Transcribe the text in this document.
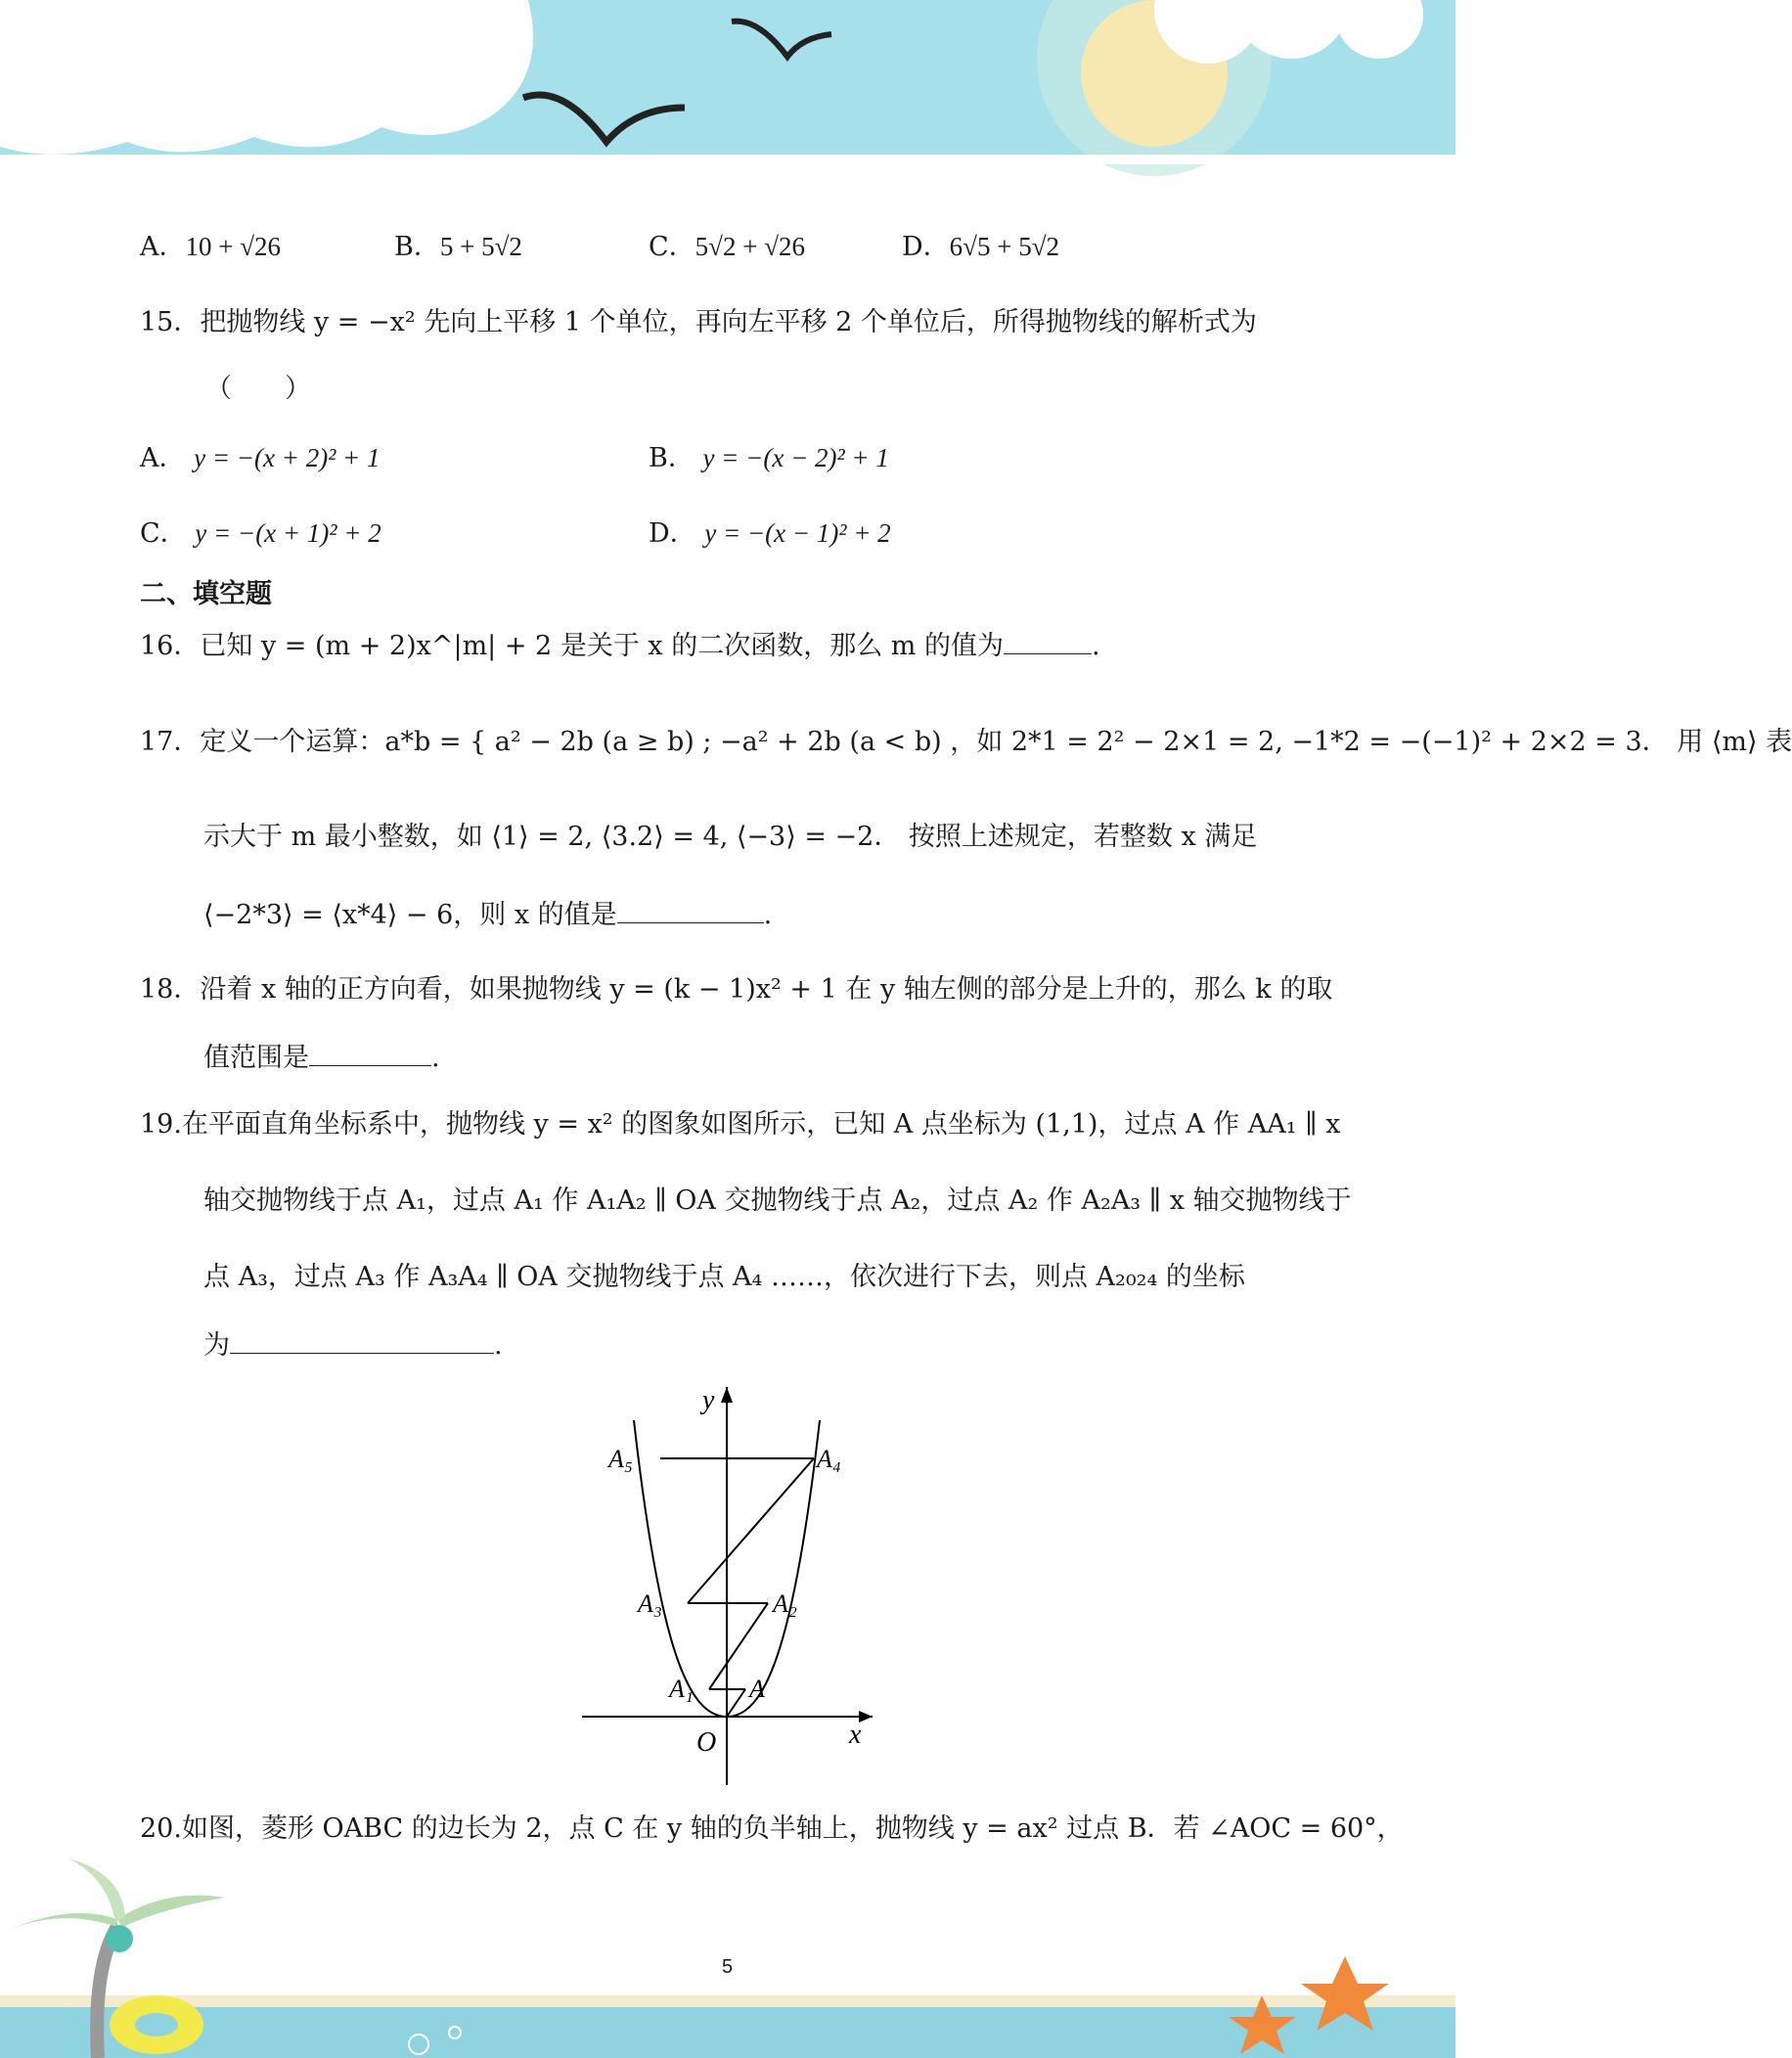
A．10 + √26	B．5 + 5√2	C．5√2 + √26	D．6√5 + 5√2
15．把抛物线 y = −x² 先向上平移 1 个单位，再向左平移 2 个单位后，所得抛物线的解析式为
（　　）
A． y = −(x + 2)² + 1	B． y = −(x − 2)² + 1
C． y = −(x + 1)² + 2	D． y = −(x − 1)² + 2
二、填空题
16．已知 y = (m + 2)x^|m| + 2 是关于 x 的二次函数，那么 m 的值为	.
17．定义一个运算：a*b = { a² − 2b (a ≥ b) ; −a² + 2b (a < b) ，如 2*1 = 2² − 2×1 = 2, −1*2 = −(−1)² + 2×2 = 3． 用 ⟨m⟩ 表
示大于 m 最小整数，如 ⟨1⟩ = 2, ⟨3.2⟩ = 4, ⟨−3⟩ = −2． 按照上述规定，若整数 x 满足
⟨−2*3⟩ = ⟨x*4⟩ − 6，则 x 的值是	.
18．沿着 x 轴的正方向看，如果抛物线 y = (k − 1)x² + 1 在 y 轴左侧的部分是上升的，那么 k 的取
值范围是	.
19.在平面直角坐标系中，抛物线 y = x² 的图象如图所示，已知 A 点坐标为 (1,1)，过点 A 作 AA₁ ∥ x
轴交抛物线于点 A₁，过点 A₁ 作 A₁A₂ ∥ OA 交抛物线于点 A₂，过点 A₂ 作 A₂A₃ ∥ x 轴交抛物线于
点 A₃，过点 A₃ 作 A₃A₄ ∥ OA 交抛物线于点 A₄ ……，依次进行下去，则点 A₂₀₂₄ 的坐标
为	.
y
x
O
A₅	A₄
A₃	A₂
A₁ A
20.如图，菱形 OABC 的边长为 2，点 C 在 y 轴的负半轴上，抛物线 y = ax² 过点 B．若 ∠AOC = 60°，
5
